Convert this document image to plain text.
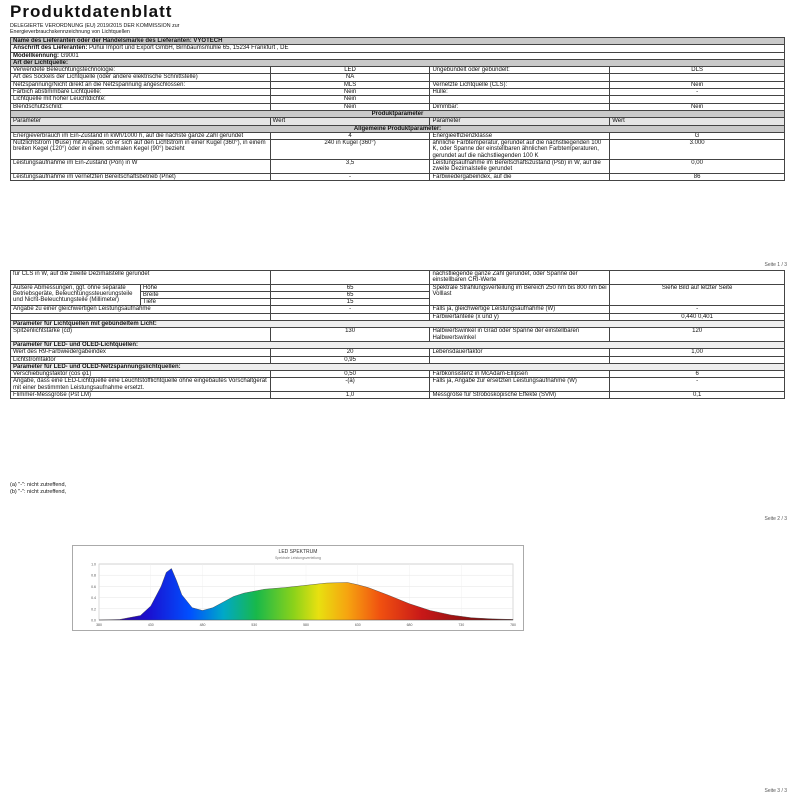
Produktdatenblatt
DELEGIERTE VERORDNUNG (EU) 2019/2015 DER KOMMISSION zur
Energieverbrauchskennzeichnung von Lichtquellen
Name des Lieferanten oder der Handelsmarke des Lieferanten: VYOTECH			
Anschrift des Lieferanten: Puhui Import und Export GmbH, Birnbaumsmühle 65, 15234 Frankfurt , DE			
Modellkennung: G9001			
Art der Lichtquelle:			
Verwendete Beleuchtungstechnologie:	LED	Ungebündelt oder gebündelt:	DLS
Art des Sockels der Lichtquelle (oder andere elektrische Schnittstelle)	NA		
Netzspannung/Nicht direkt an die Netzspannung angeschlossen:	MLS	Vernetzte Lichtquelle (CLS):	Nein
Farbich abstimmbare Lichtquelle:	Nein	Hülle:	-
Lichtquelle mit hoher Leuchtdichte:	Nein		
Blendschutzschild:	Nein	Dimmbar:	Nein
Produktparameter			
Parameter	Wert	Parameter	Wert
Allgemeine Produktparameter:			
Energieverbrauch im Ein-Zustand in kWh/1000 h, auf die nächste ganze Zahl gerundet	4	Energieeffizienzklasse	G
Nutzlichtstrom (Φuse) mit Angabe, ob er sich auf den Lichtstrom in einer Kugel (360°), in einem breiten Kegel (120°) oder in einem schmalen Kegel (90°) bezieht	240 in Kugel (360°)	ähnliche Farbtemperatur, gerundet auf die nächstliegenden 100 K, oder Spanne der einstellbaren ähnlichen Farbtemperaturen, gerundet auf die nächstliegenden 100 K	3.000
Leistungsaufnahme im Ein-Zustand (Pon) in W	3,5	Leistungsaufnahme im Bereitschaftszustand (Psb) in W, auf die zweite Dezimalstelle gerundet	0,00
Leistungsaufnahme im vernetzten Bereitschaftsbetrieb (Pnet)	-	Farbwiedergabeindex, auf die	86
Seite 1 / 3
für CLS in W, auf die zweite Dezimalstelle gerundet			nächstliegende ganze Zahl gerundet, oder Spanne der einstellbaren CRI-Werte	
Äußere Abmessungen, ggf. ohne separate Betriebsgeräte, Beleuchtungssteuerungsteile und Nicht-Beleuchtungsteile (Millimeter)	Höhe	65	Spektrale Strahlungsverteilung im Bereich 250 nm bis 800 nm bei Volllast	Siehe Bild auf letzter Seite
	Breite	65		
	Tiefe	15		
Angabe zu einer gleichwertigen Leistungsaufnahme		-	Falls ja, gleichwertige Leistungsaufnahme (W)	-
			Farbwertanteile (x und y)	0,440 0,401
Parameter für Lichtquellen mit gebündeltem Licht:				
Spitzenlichtstärke (cd)		130	Halbwertswinkel in Grad oder Spanne der einstellbaren Halbwertswinkel	120
Parameter für LED- und OLED-Lichtquellen:				
Wert des R9-Farbwiedergabeindex		20	Lebensdauerfaktor	1,00
Lichtstromfaktor		0,95		
Parameter für LED- und OLED-Netzspannungslichtquellen:				
Verschiebungsfaktor (cos φ1)		0,50	Farbkonsistenz in McAdam-Ellipsen	6
Angabe, dass eine LED-Lichtquelle eine Leuchtstofflichtquelle ohne eingebautes Vorschaltgerät mit einer bestimmten Leistungsaufnahme ersetzt.		-(a)	Falls ja, Angabe zur ersetzten Leistungsaufnahme (W)	-
Flimmer-Messgröße (Pst LM)		1,0	Messgröße für Stroboskopische Effekte (SVM)	0,1
(a) "-": nicht zutreffend,
(b) "-": nicht zutreffend,
Seite 2 / 3
LED SPEKTRUM
Spektrale Leistungsverteilung
1.0
0.8
0.6
0.4
0.2
0.0
380	430	480	530	580	630	680	730	780
Seite 3 / 3
